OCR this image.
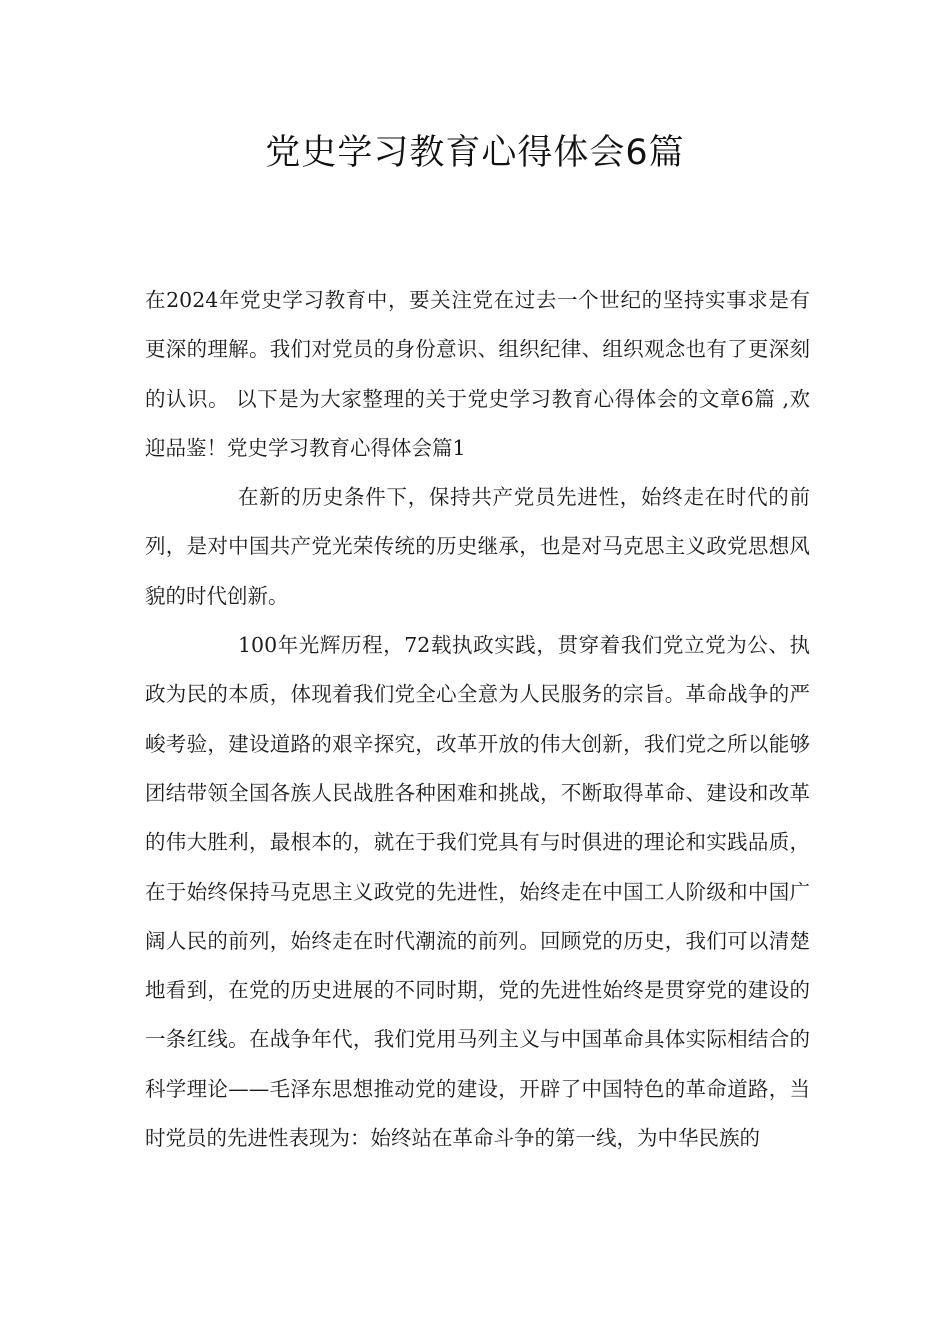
党史学习教育心得体会6篇

在2024年党史学习教育中，要关注党在过去一个世纪的坚持实事求是有更深的理解。我们对党员的身份意识、组织纪律、组织观念也有了更深刻的认识。 以下是为大家整理的关于党史学习教育心得体会的文章6篇 ,欢迎品鉴！党史学习教育心得体会篇1

在新的历史条件下，保持共产党员先进性，始终走在时代的前列，是对中国共产党光荣传统的历史继承，也是对马克思主义政党思想风貌的时代创新。

100年光辉历程，72载执政实践，贯穿着我们党立党为公、执政为民的本质，体现着我们党全心全意为人民服务的宗旨。革命战争的严峻考验，建设道路的艰辛探究，改革开放的伟大创新，我们党之所以能够团结带领全国各族人民战胜各种困难和挑战，不断取得革命、建设和改革的伟大胜利，最根本的，就在于我们党具有与时俱进的理论和实践品质，在于始终保持马克思主义政党的先进性，始终走在中国工人阶级和中国广阔人民的前列，始终走在时代潮流的前列。回顾党的历史，我们可以清楚地看到，在党的历史进展的不同时期，党的先进性始终是贯穿党的建设的一条红线。在战争年代，我们党用马列主义与中国革命具体实际相结合的科学理论——毛泽东思想推动党的建设，开辟了中国特色的革命道路，当时党员的先进性表现为：始终站在革命斗争的第一线，为中华民族的
